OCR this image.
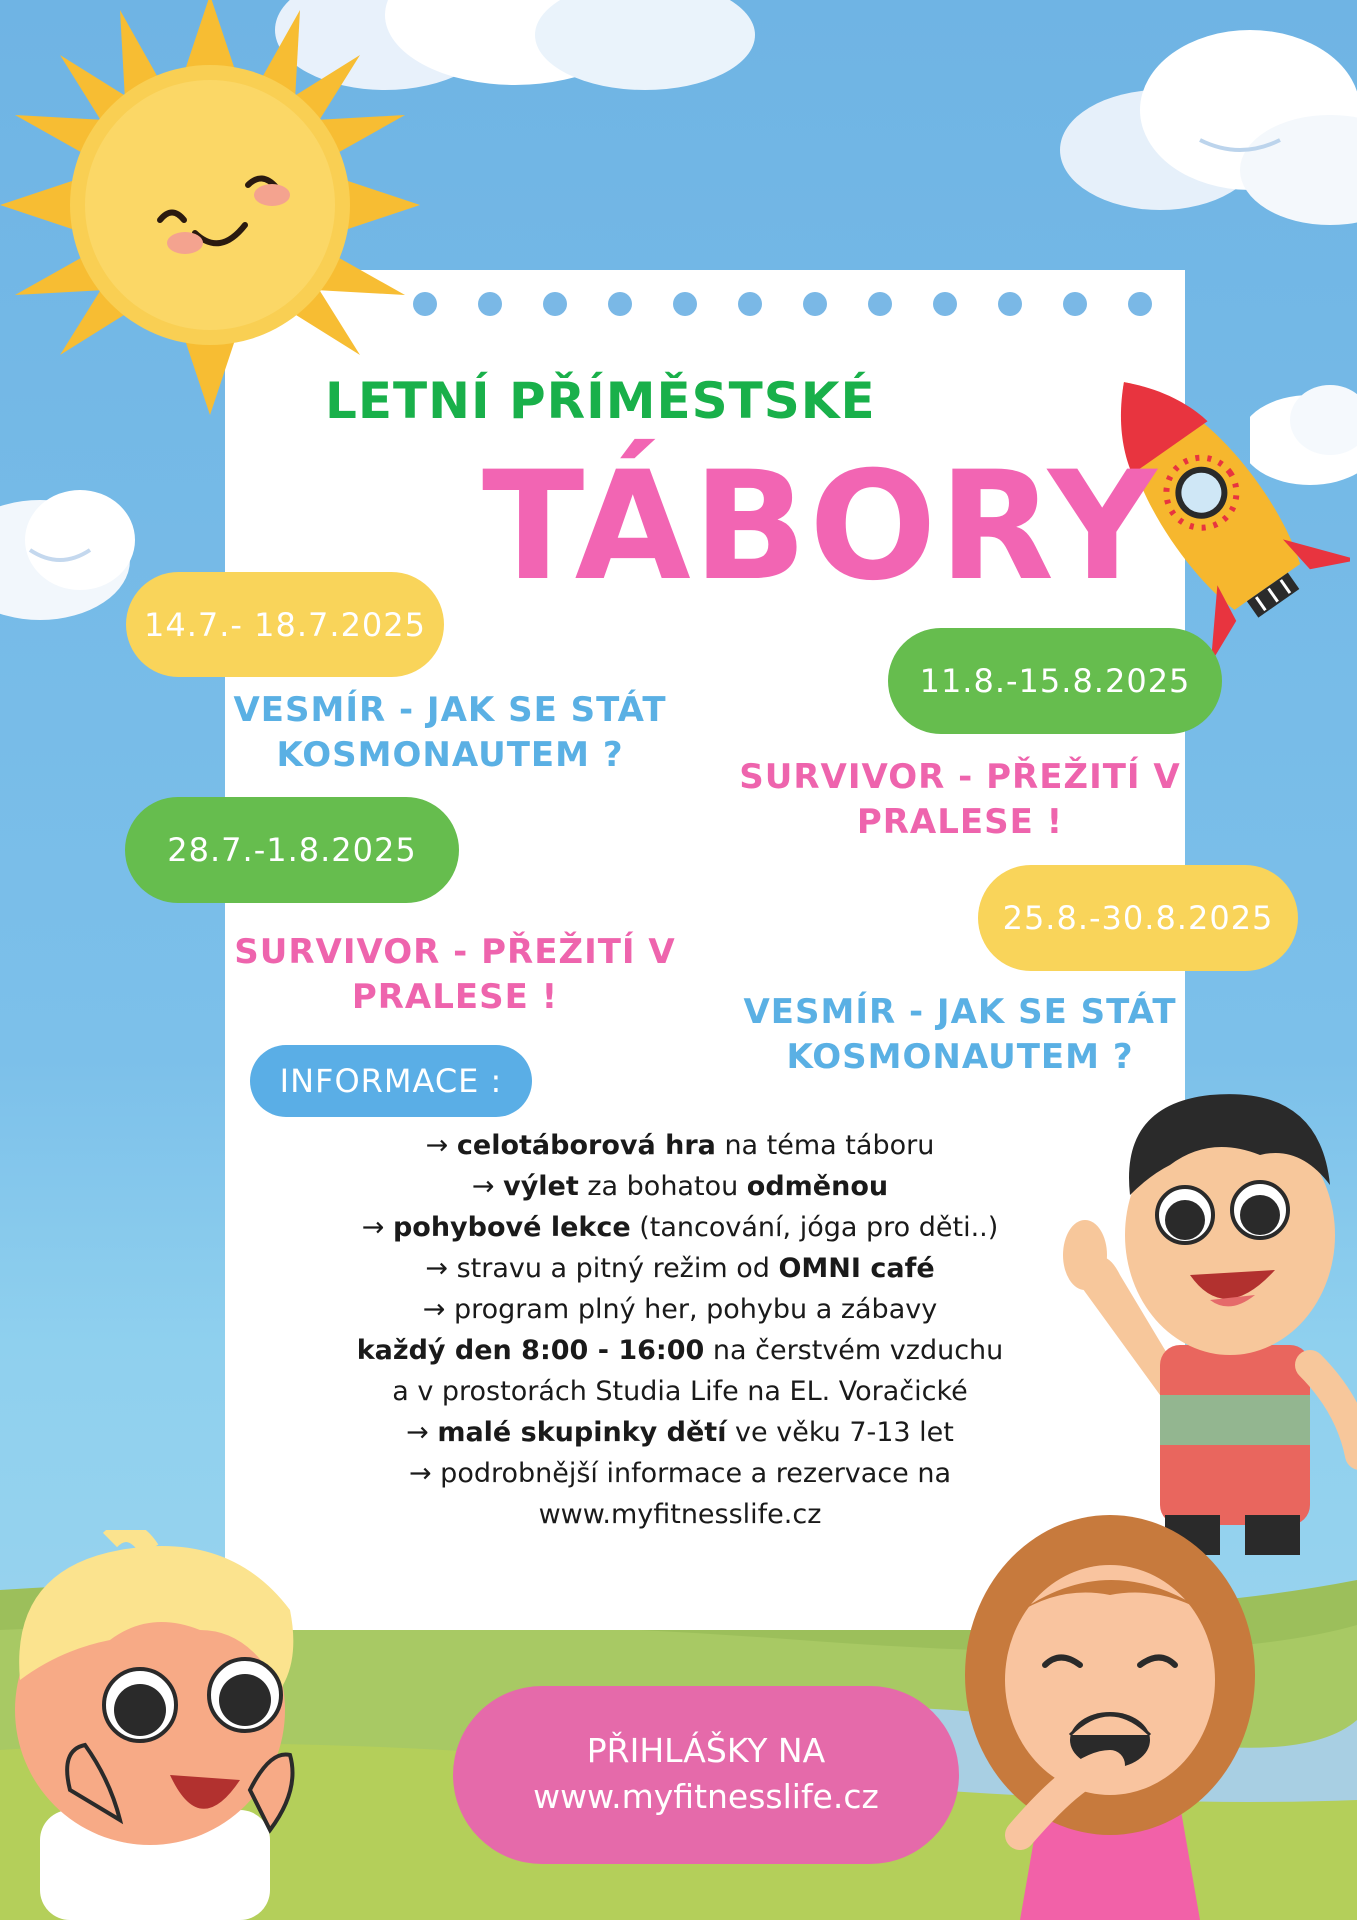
LETNÍ PŘÍMĚSTSKÉ
TÁBORY
14.7.- 18.7.2025
VESMÍR - JAK SE STÁT
KOSMONAUTEM ?
28.7.-1.8.2025
SURVIVOR - PŘEŽITÍ V
PRALESE !
11.8.-15.8.2025
SURVIVOR - PŘEŽITÍ V
PRALESE !
25.8.-30.8.2025
VESMÍR - JAK SE STÁT
KOSMONAUTEM ?
INFORMACE :
→ celotáborová hra na téma táboru
→ výlet za bohatou odměnou
→ pohybové lekce (tancování, jóga pro děti..)
→ stravu a pitný režim od OMNI café
→ program plný her, pohybu a zábavy
každý den 8:00 - 16:00 na čerstvém vzduchu
a v prostorách Studia Life na EL. Voračické
→ malé skupinky dětí ve věku 7-13 let
→ podrobnější informace a rezervace na
www.myfitnesslife.cz
PŘIHLÁŠKY NA
www.myfitnesslife.cz
